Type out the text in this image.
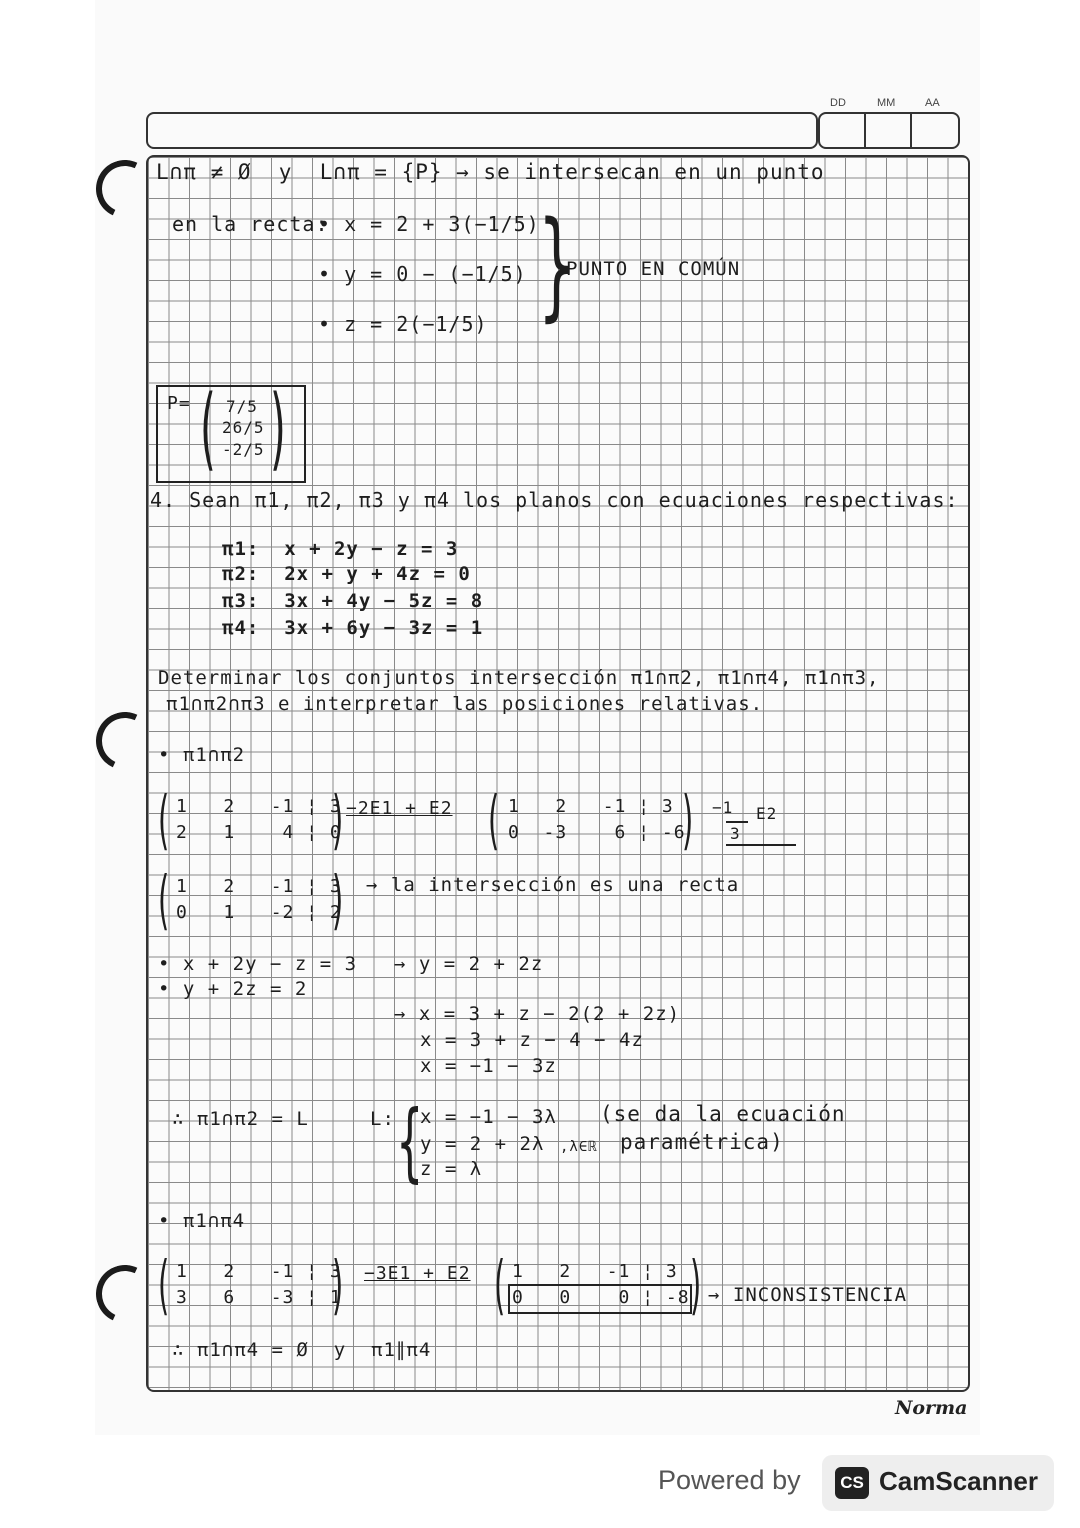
DD	MM	AA
L∩π ≠ Ø  y  L∩π = {P} → se intersecan en un punto
en la recta:
• x = 2 + 3(−1/5)
• y = 0 − (−1/5)
• z = 2(−1/5) }
PUNTO EN COMÚN
P= ( 7/5
26/5
-2/5 )
4. Sean π1, π2, π3 y π4 los planos con ecuaciones respectivas:
π1:  x + 2y − z = 3
π2:  2x + y + 4z = 0
π3:  3x + 4y − 5z = 8
π4:  3x + 6y − 3z = 1
Determinar los conjuntos intersección π1∩π2, π1∩π4, π1∩π3,
π1∩π2∩π3 e interpretar las posiciones relativas.
• π1∩π2
( 1   2   -1 ¦ 3
2   1    4 ¦ 0
) −2E1 + E2 ( 1   2   -1 ¦ 3
0  -3    6 ¦ -6
) −1
3
E2
( 1   2   -1 ¦ 3
0   1   -2 ¦ 2
) → la intersección es una recta
• x + 2y − z = 3
• y + 2z = 2
→ y = 2 + 2z
→ x = 3 + z − 2(2 + 2z)
x = 3 + z − 4 − 4z
x = −1 − 3z
∴ π1∩π2 = L	L: {
x = −1 − 3λ
y = 2 + 2λ
z = λ
,λ∈ℝ
(se da la ecuación
paramétrica)
• π1∩π4
( 1   2   -1 ¦ 3
3   6   -3 ¦ 1
) −3E1 + E2 ( 1   2   -1 ¦ 3
0   0    0 ¦ -8 ) → INCONSISTENCIA
∴ π1∩π4 = Ø  y  π1∥π4
Norma
Powered by	CS CamScanner
